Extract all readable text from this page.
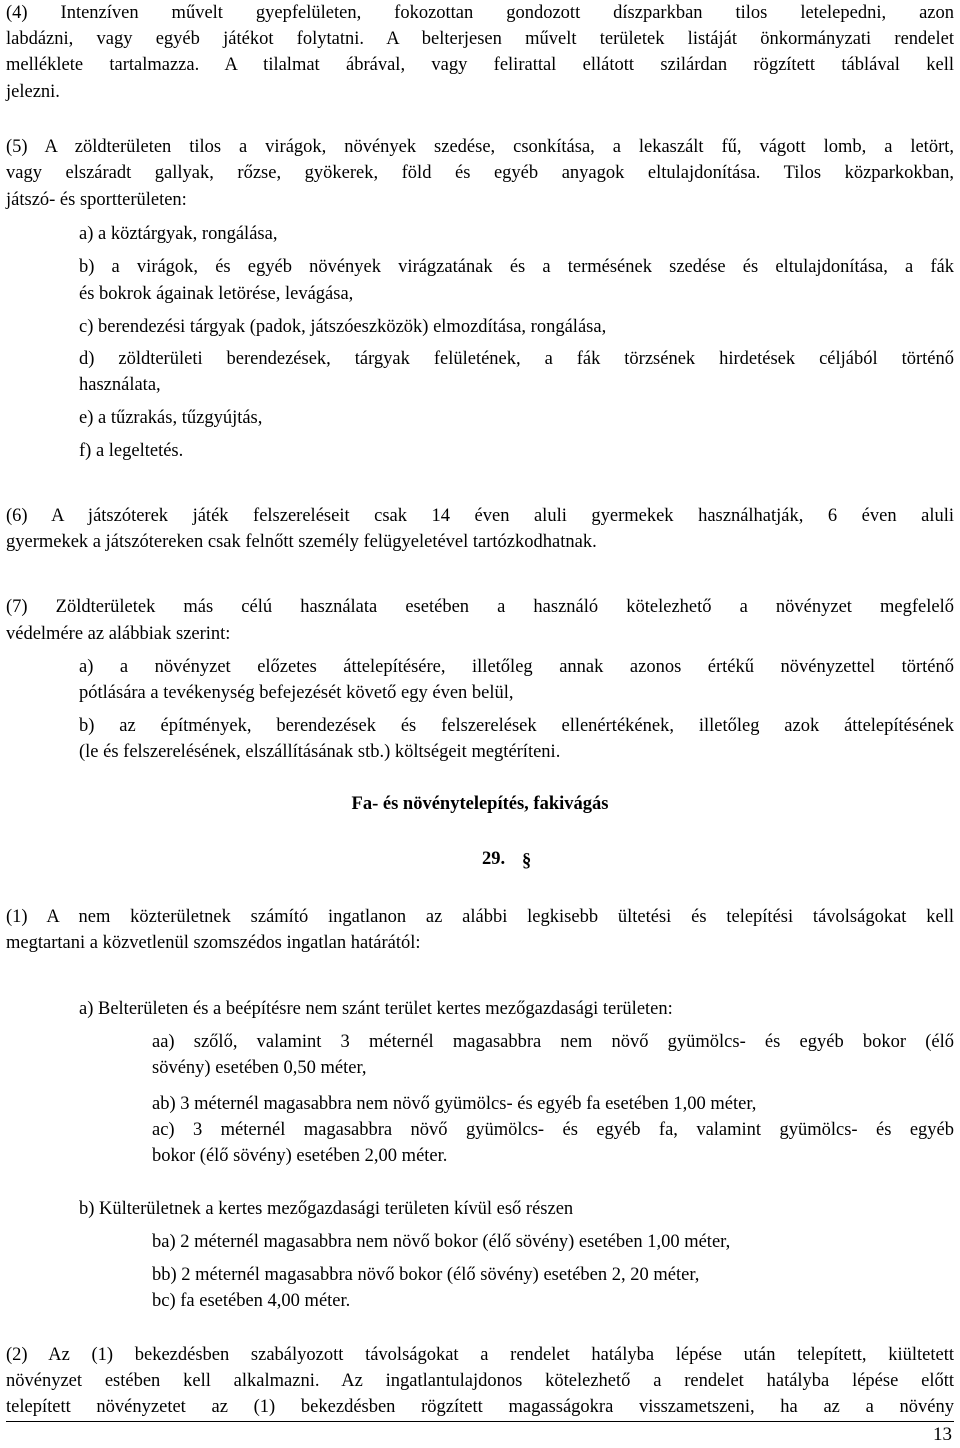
(4) Intenzíven művelt gyepfelületen, fokozottan gondozott díszparkban tilos letelepedni, azon
labdázni, vagy egyéb játékot folytatni. A belterjesen művelt területek listáját önkormányzati rendelet
melléklete tartalmazza. A tilalmat ábrával, vagy felirattal ellátott szilárdan rögzített táblával kell
jelezni.
(5) A zöldterületen tilos a virágok, növények szedése, csonkítása, a lekaszált fű, vágott lomb, a letört,
vagy elszáradt gallyak, rőzse, gyökerek, föld és egyéb anyagok eltulajdonítása. Tilos közparkokban,
játszó- és sportterületen:
a) a köztárgyak, rongálása,
b) a virágok, és egyéb növények virágzatának és a termésének szedése és eltulajdonítása, a fák
és bokrok ágainak letörése, levágása,
c) berendezési tárgyak (padok, játszóeszközök) elmozdítása, rongálása,
d) zöldterületi berendezések, tárgyak felületének, a fák törzsének hirdetések céljából történő
használata,
e) a tűzrakás, tűzgyújtás,
f) a legeltetés.
(6) A játszóterek játék felszereléseit csak 14 éven aluli gyermekek használhatják, 6 éven aluli
gyermekek a játszótereken csak felnőtt személy felügyeletével tartózkodhatnak.
(7) Zöldterületek más célú használata esetében a használó kötelezhető a növényzet megfelelő
védelmére az alábbiak szerint:
a) a növényzet előzetes áttelepítésére, illetőleg annak azonos értékű növényzettel történő
pótlására a tevékenység befejezését követő egy éven belül,
b) az építmények, berendezések és felszerelések ellenértékének, illetőleg azok áttelepítésének
(le és felszerelésének, elszállításának stb.) költségeit megtéríteni.
Fa- és növénytelepítés, fakivágás
29. §
(1) A nem közterületnek számító ingatlanon az alábbi legkisebb ültetési és telepítési távolságokat kell
megtartani a közvetlenül szomszédos ingatlan határától:
a) Belterületen és a beépítésre nem szánt terület kertes mezőgazdasági területen:
aa) szőlő, valamint 3 méternél magasabbra nem növő gyümölcs- és egyéb bokor (élő
sövény) esetében 0,50 méter,
ab) 3 méternél magasabbra nem növő gyümölcs- és egyéb fa esetében 1,00 méter,
ac) 3 méternél magasabbra növő gyümölcs- és egyéb fa, valamint gyümölcs- és egyéb
bokor (élő sövény) esetében 2,00 méter.
b) Külterületnek a kertes mezőgazdasági területen kívül eső részen
ba) 2 méternél magasabbra nem növő bokor (élő sövény) esetében 1,00 méter,
bb) 2 méternél magasabbra növő bokor (élő sövény) esetében 2, 20 méter,
bc) fa esetében 4,00 méter.
(2) Az (1) bekezdésben szabályozott távolságokat a rendelet hatályba lépése után telepített, kiültetett
növényzet estében kell alkalmazni. Az ingatlantulajdonos kötelezhető a rendelet hatályba lépése előtt
telepített növényzetet az (1) bekezdésben rögzített magasságokra visszametszeni, ha az a növény
13
